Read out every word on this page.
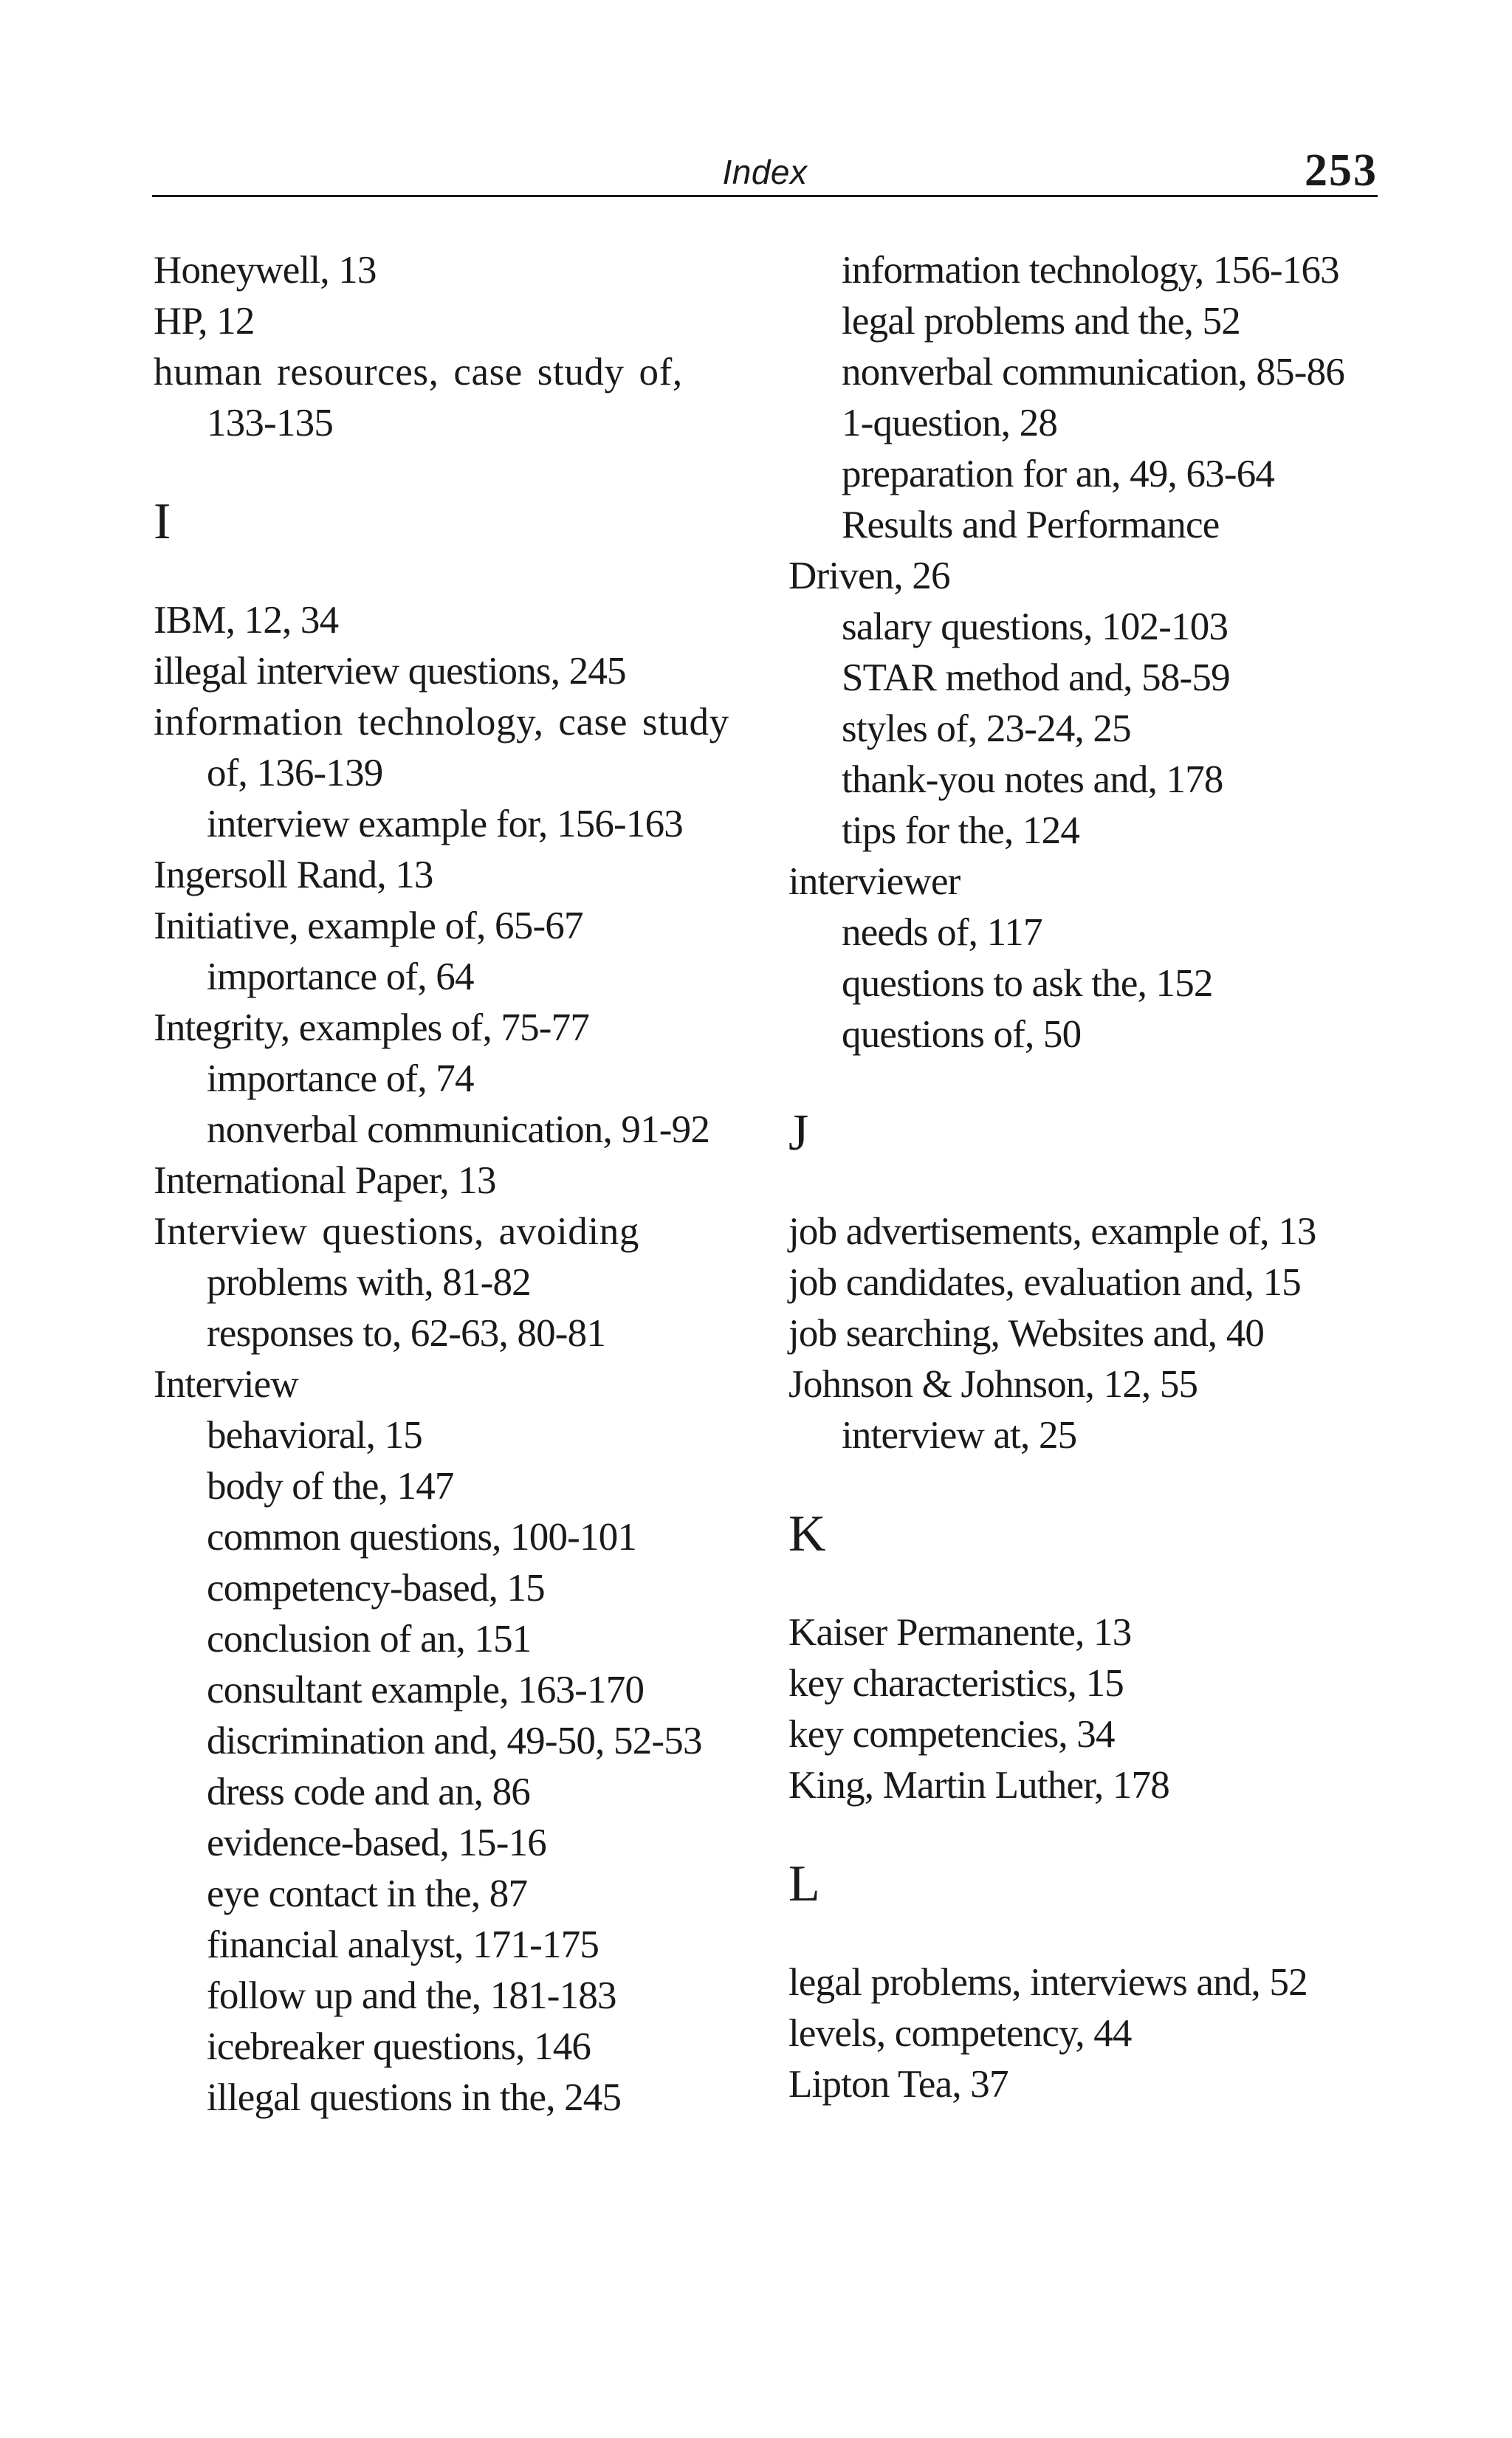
Index	253
Honeywell, 13
HP, 12
human resources, case study of,
133-135
I
IBM, 12, 34
illegal interview questions, 245
information technology, case study
of, 136-139
interview example for, 156-163
Ingersoll Rand, 13
Initiative, example of, 65-67
importance of, 64
Integrity, examples of, 75-77
importance of, 74
nonverbal communication, 91-92
International Paper, 13
Interview questions, avoiding
problems with, 81-82
responses to, 62-63, 80-81
Interview
behavioral, 15
body of the, 147
common questions, 100-101
competency-based, 15
conclusion of an, 151
consultant example, 163-170
discrimination and, 49-50, 52-53
dress code and an, 86
evidence-based, 15-16
eye contact in the, 87
financial analyst, 171-175
follow up and the, 181-183
icebreaker questions, 146
illegal questions in the, 245
information technology, 156-163
legal problems and the, 52
nonverbal communication, 85-86
1-question, 28
preparation for an, 49, 63-64
Results and Performance
Driven, 26
salary questions, 102-103
STAR method and, 58-59
styles of, 23-24, 25
thank-you notes and, 178
tips for the, 124
interviewer
needs of, 117
questions to ask the, 152
questions of, 50
J
job advertisements, example of, 13
job candidates, evaluation and, 15
job searching, Websites and, 40
Johnson & Johnson, 12, 55
interview at, 25
K
Kaiser Permanente, 13
key characteristics, 15
key competencies, 34
King, Martin Luther, 178
L
legal problems, interviews and, 52
levels, competency, 44
Lipton Tea, 37
